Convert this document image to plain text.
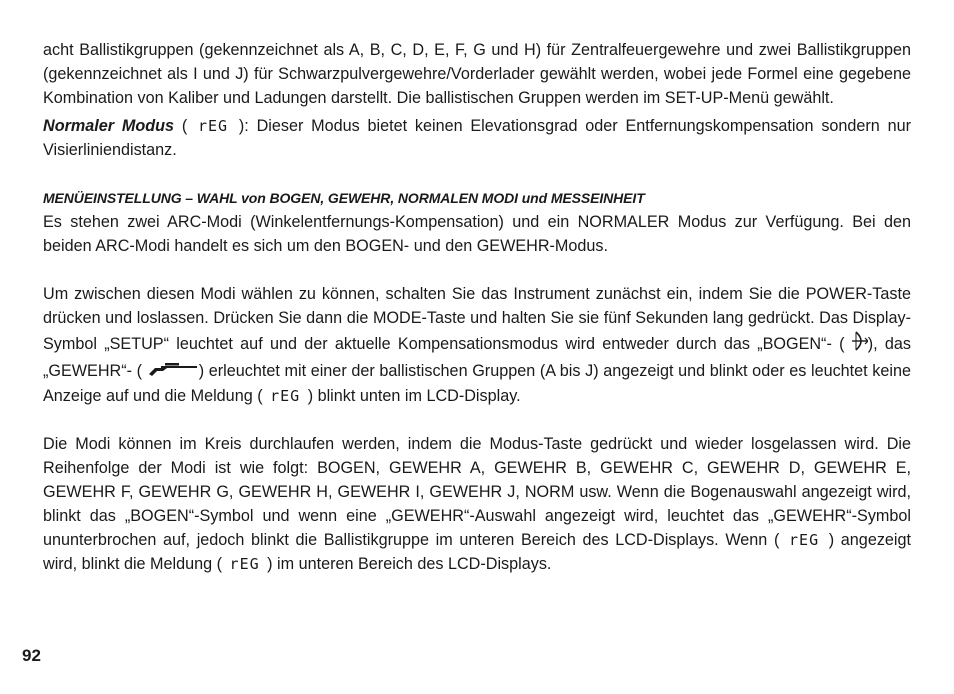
acht Ballistikgruppen (gekennzeichnet als A, B, C, D, E, F, G und H) für Zentralfeuergewehre und zwei Ballistikgruppen (gekennzeichnet als I und J) für Schwarzpulvergewehre/Vorderlader gewählt werden, wobei jede Formel eine gegebene Kombination von Kaliber und Ladungen darstellt. Die ballistischen Gruppen werden im SET-UP-Menü gewählt.

Normaler Modus ( rEG ): Dieser Modus bietet keinen Elevationsgrad oder Entfernungskompensation sondern nur Visierliniendistanz.

MENÜEINSTELLUNG – WAHL von BOGEN, GEWEHR, NORMALEN MODI und MESSEINHEIT

Es stehen zwei ARC-Modi (Winkelentfernungs-Kompensation) und ein NORMALER Modus zur Verfügung. Bei den beiden ARC-Modi handelt es sich um den BOGEN- und den GEWEHR-Modus.

Um zwischen diesen Modi wählen zu können, schalten Sie das Instrument zunächst ein, indem Sie die POWER-Taste drücken und loslassen. Drücken Sie dann die MODE-Taste und halten Sie sie fünf Sekunden lang gedrückt. Das Display-Symbol „SETUP“ leuchtet auf und der aktuelle Kompensationsmodus wird entweder durch das „BOGEN“- ( ), das „GEWEHR“- (	) erleuchtet mit einer der ballistischen Gruppen (A bis J) angezeigt und blinkt oder es leuchtet keine Anzeige auf und die Meldung ( rEG ) blinkt unten im LCD-Display.

Die Modi können im Kreis durchlaufen werden, indem die Modus-Taste gedrückt und wieder losgelassen wird. Die Reihenfolge der Modi ist wie folgt: BOGEN, GEWEHR A, GEWEHR B, GEWEHR C, GEWEHR D, GEWEHR E, GEWEHR F, GEWEHR G, GEWEHR H, GEWEHR I, GEWEHR J, NORM usw. Wenn die Bogenauswahl angezeigt wird, blinkt das „BOGEN“-Symbol und wenn eine „GEWEHR“-Auswahl angezeigt wird, leuchtet das „GEWEHR“-Symbol ununterbrochen auf, jedoch blinkt die Ballistikgruppe im unteren Bereich des LCD-Displays. Wenn ( rEG ) angezeigt wird, blinkt die Meldung ( rEG ) im unteren Bereich des LCD-Displays.

92
